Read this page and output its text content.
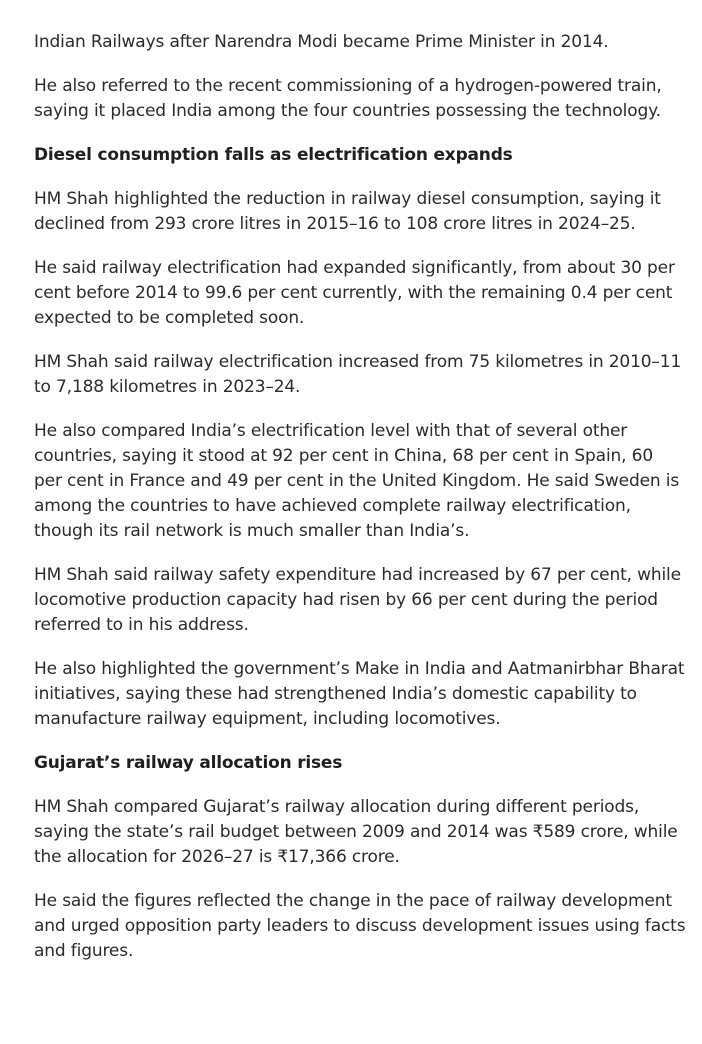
Indian Railways after Narendra Modi became Prime Minister in 2014.

He also referred to the recent commissioning of a hydrogen-powered train, saying it placed India among the four countries possessing the technology.

Diesel consumption falls as electrification expands

HM Shah highlighted the reduction in railway diesel consumption, saying it declined from 293 crore litres in 2015–16 to 108 crore litres in 2024–25.

He said railway electrification had expanded significantly, from about 30 per cent before 2014 to 99.6 per cent currently, with the remaining 0.4 per cent expected to be completed soon.

HM Shah said railway electrification increased from 75 kilometres in 2010–11 to 7,188 kilometres in 2023–24.

He also compared India’s electrification level with that of several other countries, saying it stood at 92 per cent in China, 68 per cent in Spain, 60 per cent in France and 49 per cent in the United Kingdom. He said Sweden is among the countries to have achieved complete railway electrification, though its rail network is much smaller than India’s.

HM Shah said railway safety expenditure had increased by 67 per cent, while locomotive production capacity had risen by 66 per cent during the period referred to in his address.

He also highlighted the government’s Make in India and Aatmanirbhar Bharat initiatives, saying these had strengthened India’s domestic capability to manufacture railway equipment, including locomotives.

Gujarat’s railway allocation rises

HM Shah compared Gujarat’s railway allocation during different periods, saying the state’s rail budget between 2009 and 2014 was ₹589 crore, while the allocation for 2026–27 is ₹17,366 crore.

He said the figures reflected the change in the pace of railway development and urged opposition party leaders to discuss development issues using facts and figures.
